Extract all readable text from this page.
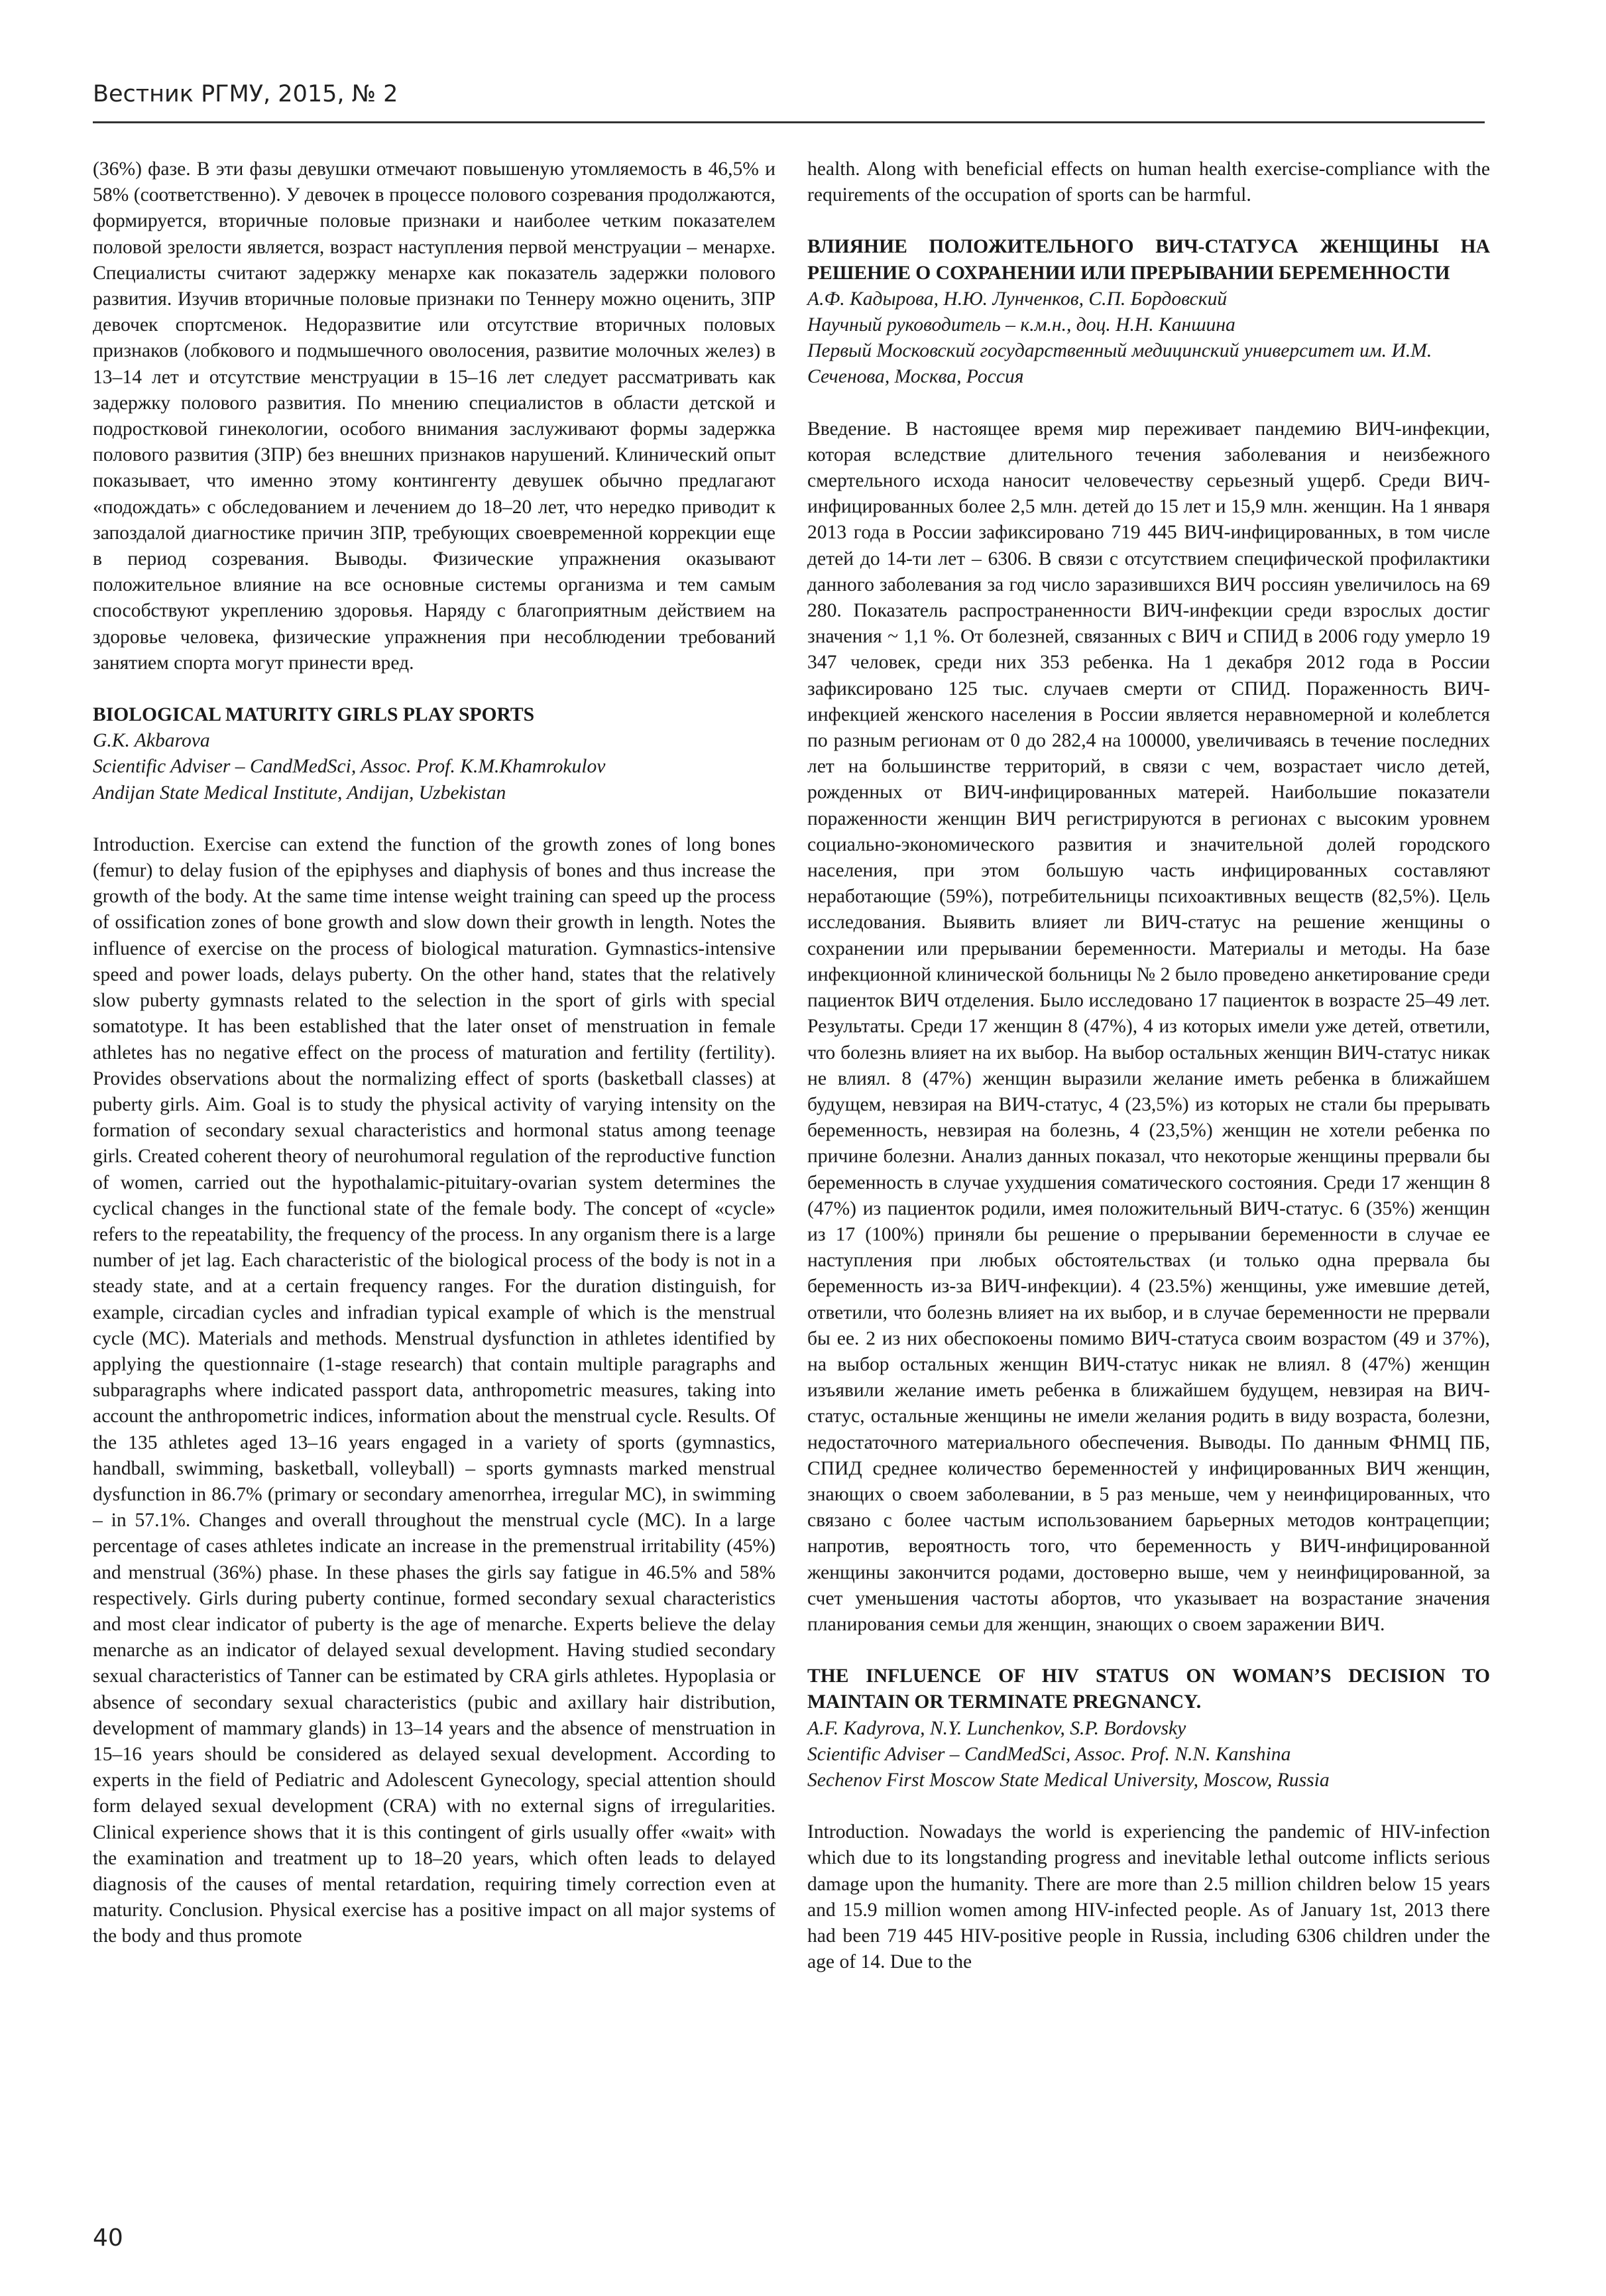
Вестник РГМУ, 2015, № 2

(36%) фазе. В эти фазы девушки отмечают повышеную утомляемость в 46,5% и 58% (соответственно). У девочек в процессе полового созревания продолжаются, формируется, вторичные половые признаки и наиболее четким показателем половой зрелости является, возраст наступления первой менструации – менархе. Специалисты считают задержку менархе как показатель задержки полового развития. Изучив вторичные половые признаки по Теннеру можно оценить, ЗПР девочек спортсменок. Недоразвитие или отсутствие вторичных половых признаков (лобкового и подмышечного оволосения, развитие молочных желез) в 13–14 лет и отсутствие менструации в 15–16 лет следует рассматривать как задержку полового развития. По мнению специалистов в области детской и подростковой гинекологии, особого внимания заслуживают формы задержка полового развития (ЗПР) без внешних признаков нарушений. Клинический опыт показывает, что именно этому контингенту девушек обычно предлагают «подождать» с обследованием и лечением до 18–20 лет, что нередко приводит к запоздалой диагностике причин ЗПР, требующих своевременной коррекции еще в период созревания. Выводы. Физические упражнения оказывают положительное влияние на все основные системы организма и тем самым способствуют укреплению здоровья. Наряду с благоприятным действием на здоровье человека, физические упражнения при несоблюдении требований занятием спорта могут принести вред.

BIOLOGICAL MATURITY GIRLS PLAY SPORTS

G.K. Akbarova

Scientific Adviser – CandMedSci, Assoc. Prof. K.M.Khamrokulov

Andijan State Medical Institute, Andijan, Uzbekistan

Introduction. Exercise can extend the function of the growth zones of long bones (femur) to delay fusion of the epiphyses and diaphysis of bones and thus increase the growth of the body. At the same time intense weight training can speed up the process of ossification zones of bone growth and slow down their growth in length. Notes the influence of exercise on the process of biological maturation. Gymnastics-intensive speed and power loads, delays puberty. On the other hand, states that the relatively slow puberty gymnasts related to the selection in the sport of girls with special somatotype. It has been established that the later onset of menstruation in female athletes has no negative effect on the process of maturation and fertility (fertility). Provides observations about the normalizing effect of sports (basketball classes) at puberty girls. Aim. Goal is to study the physical activity of varying intensity on the formation of secondary sexual characteristics and hormonal status among teenage girls. Created coherent theory of neurohumoral regulation of the reproductive function of women, carried out the hypothalamic-pituitary-ovarian system determines the cyclical changes in the functional state of the female body. The concept of «cycle» refers to the repeatability, the frequency of the process. In any organism there is a large number of jet lag. Each characteristic of the biological process of the body is not in a steady state, and at a certain frequency ranges. For the duration distinguish, for example, circadian cycles and infradian typical example of which is the menstrual cycle (MC). Materials and methods. Menstrual dysfunction in athletes identified by applying the questionnaire (1-stage research) that contain multiple paragraphs and subparagraphs where indicated passport data, anthropometric measures, taking into account the anthropometric indices, information about the menstrual cycle. Results. Of the 135 athletes aged 13–16 years engaged in a variety of sports (gymnastics, handball, swimming, basketball, volleyball) – sports gymnasts marked menstrual dysfunction in 86.7% (primary or secondary amenorrhea, irregular MC), in swimming – in 57.1%. Changes and overall throughout the menstrual cycle (MC). In a large percentage of cases athletes indicate an increase in the premenstrual irritability (45%) and menstrual (36%) phase. In these phases the girls say fatigue in 46.5% and 58% respectively. Girls during puberty continue, formed secondary sexual characteristics and most clear indicator of puberty is the age of menarche. Experts believe the delay menarche as an indicator of delayed sexual development. Having studied secondary sexual characteristics of Tanner can be estimated by CRA girls athletes. Hypoplasia or absence of secondary sexual characteristics (pubic and axillary hair distribution, development of mammary glands) in 13–14 years and the absence of menstruation in 15–16 years should be considered as delayed sexual development. According to experts in the field of Pediatric and Adolescent Gynecology, special attention should form delayed sexual development (CRA) with no external signs of irregularities. Clinical experience shows that it is this contingent of girls usually offer «wait» with the examination and treatment up to 18–20 years, which often leads to delayed diagnosis of the causes of mental retardation, requiring timely correction even at maturity. Conclusion. Physical exercise has a positive impact on all major systems of the body and thus promote

health. Along with beneficial effects on human health exercise-compliance with the requirements of the occupation of sports can be harmful.

ВЛИЯНИЕ ПОЛОЖИТЕЛЬНОГО ВИЧ-СТАТУСА ЖЕНЩИНЫ НА РЕШЕНИЕ О СОХРАНЕНИИ ИЛИ ПРЕРЫВАНИИ БЕРЕМЕННОСТИ

А.Ф. Кадырова, Н.Ю. Лунченков, С.П. Бордовский

Научный руководитель – к.м.н., доц. Н.Н. Каншина

Первый Московский государственный медицинский университет им. И.М. Сеченова, Москва, Россия

Введение. В настоящее время мир переживает пандемию ВИЧ-инфекции, которая вследствие длительного течения заболевания и неизбежного смертельного исхода наносит человечеству серьезный ущерб. Среди ВИЧ-инфицированных более 2,5 млн. детей до 15 лет и 15,9 млн. женщин. На 1 января 2013 года в России зафиксировано 719 445 ВИЧ-инфицированных, в том числе детей до 14-ти лет – 6306. В связи с отсутствием специфической профилактики данного заболевания за год число заразившихся ВИЧ россиян увеличилось на 69 280. Показатель распространенности ВИЧ-инфекции среди взрослых достиг значения ~ 1,1 %. От болезней, связанных с ВИЧ и СПИД в 2006 году умерло 19 347 человек, среди них 353 ребенка. На 1 декабря 2012 года в России зафиксировано 125 тыс. случаев смерти от СПИД. Пораженность ВИЧ-инфекцией женского населения в России является неравномерной и колеблется по разным регионам от 0 до 282,4 на 100000, увеличиваясь в течение последних лет на большинстве территорий, в связи с чем, возрастает число детей, рожденных от ВИЧ-инфицированных матерей. Наибольшие показатели пораженности женщин ВИЧ регистрируются в регионах с высоким уровнем социально-экономического развития и значительной долей городского населения, при этом большую часть инфицированных составляют неработающие (59%), потребительницы психоактивных веществ (82,5%). Цель исследования. Выявить влияет ли ВИЧ-статус на решение женщины о сохранении или прерывании беременности. Материалы и методы. На базе инфекционной клинической больницы № 2 было проведено анкетирование среди пациенток ВИЧ отделения. Было исследовано 17 пациенток в возрасте 25–49 лет. Результаты. Среди 17 женщин 8 (47%), 4 из которых имели уже детей, ответили, что болезнь влияет на их выбор. На выбор остальных женщин ВИЧ-статус никак не влиял. 8 (47%) женщин выразили желание иметь ребенка в ближайшем будущем, невзирая на ВИЧ-статус, 4 (23,5%) из которых не стали бы прерывать беременность, невзирая на болезнь, 4 (23,5%) женщин не хотели ребенка по причине болезни. Анализ данных показал, что некоторые женщины прервали бы беременность в случае ухудшения соматического состояния. Среди 17 женщин 8 (47%) из пациенток родили, имея положительный ВИЧ-статус. 6 (35%) женщин из 17 (100%) приняли бы решение о прерывании беременности в случае ее наступления при любых обстоятельствах (и только одна прервала бы беременность из-за ВИЧ-инфекции). 4 (23.5%) женщины, уже имевшие детей, ответили, что болезнь влияет на их выбор, и в случае беременности не прервали бы ее. 2 из них обеспокоены помимо ВИЧ-статуса своим возрастом (49 и 37%), на выбор остальных женщин ВИЧ-статус никак не влиял. 8 (47%) женщин изъявили желание иметь ребенка в ближайшем будущем, невзирая на ВИЧ-статус, остальные женщины не имели желания родить в виду возраста, болезни, недостаточного материального обеспечения. Выводы. По данным ФНМЦ ПБ, СПИД среднее количество беременностей у инфицированных ВИЧ женщин, знающих о своем заболевании, в 5 раз меньше, чем у неинфицированных, что связано с более частым использованием барьерных методов контрацепции; напротив, вероятность того, что беременность у ВИЧ-инфицированной женщины закончится родами, достоверно выше, чем у неинфицированной, за счет уменьшения частоты абортов, что указывает на возрастание значения планирования семьи для женщин, знающих о своем заражении ВИЧ.

THE INFLUENCE OF HIV STATUS ON WOMAN’S DECISION TO MAINTAIN OR TERMINATE PREGNANCY.

A.F. Kadyrova, N.Y. Lunchenkov, S.P. Bordovsky

Scientific Adviser – CandMedSci, Assoc. Prof. N.N. Kanshina

Sechenov First Moscow State Medical University, Moscow, Russia

Introduction. Nowadays the world is experiencing the pandemic of HIV-infection which due to its longstanding progress and inevitable lethal outcome inflicts serious damage upon the humanity. There are more than 2.5 million children below 15 years and 15.9 million women among HIV-infected people. As of January 1st, 2013 there had been 719 445 HIV-positive people in Russia, including 6306 children under the age of 14. Due to the

40
